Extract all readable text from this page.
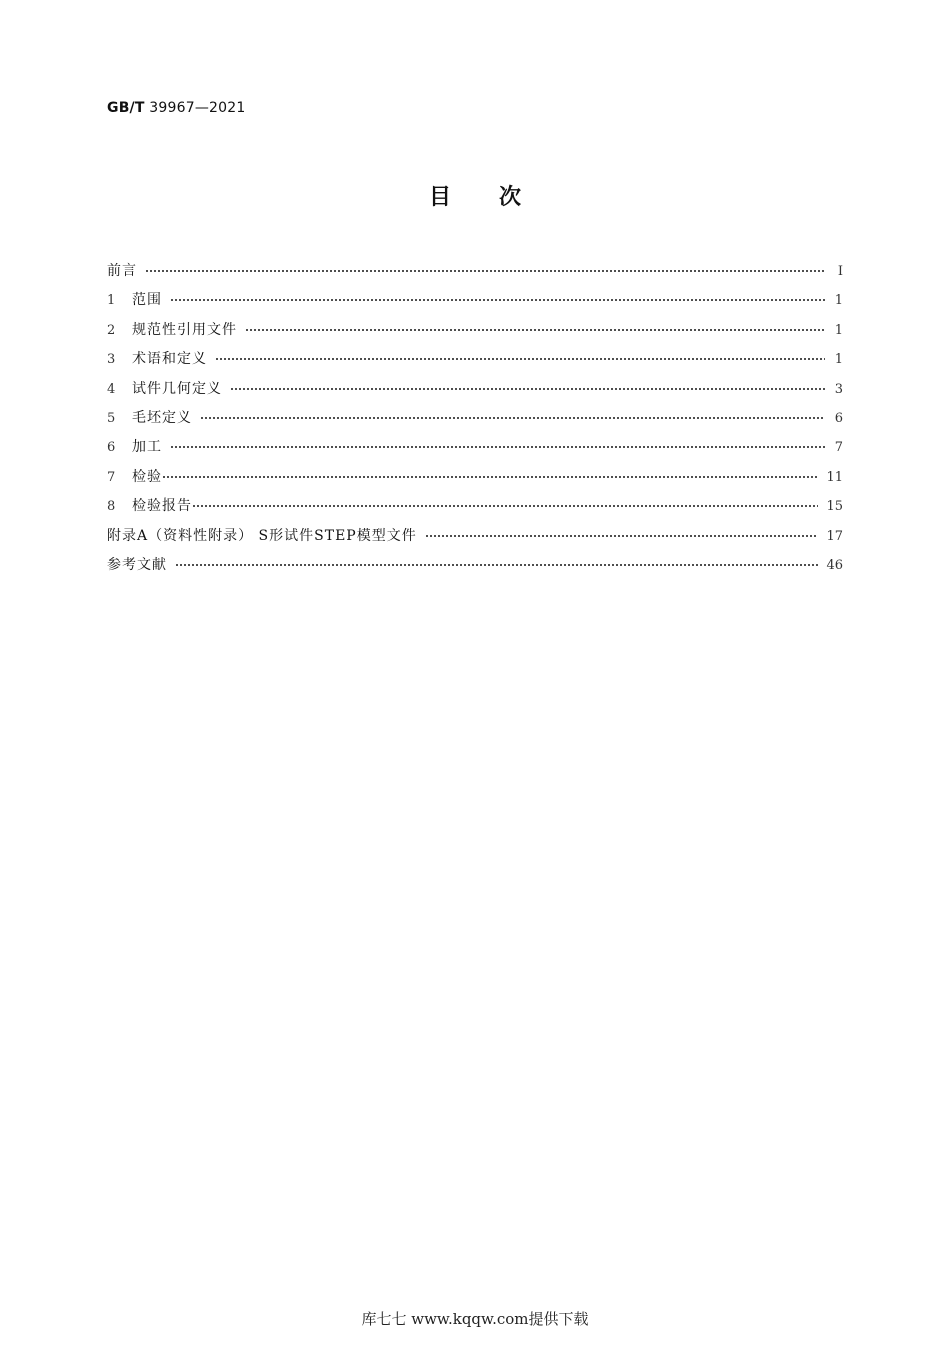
GB/T 39967—2021
目次
前言	Ⅰ
1	范围	1
2	规范性引用文件	1
3	术语和定义	1
4	试件几何定义	3
5	毛坯定义	6
6	加工	7
7	检验	11
8	检验报告	15
附录A（资料性附录） S形试件STEP模型文件	17
参考文献	46
库七七 www.kqqw.com提供下载
